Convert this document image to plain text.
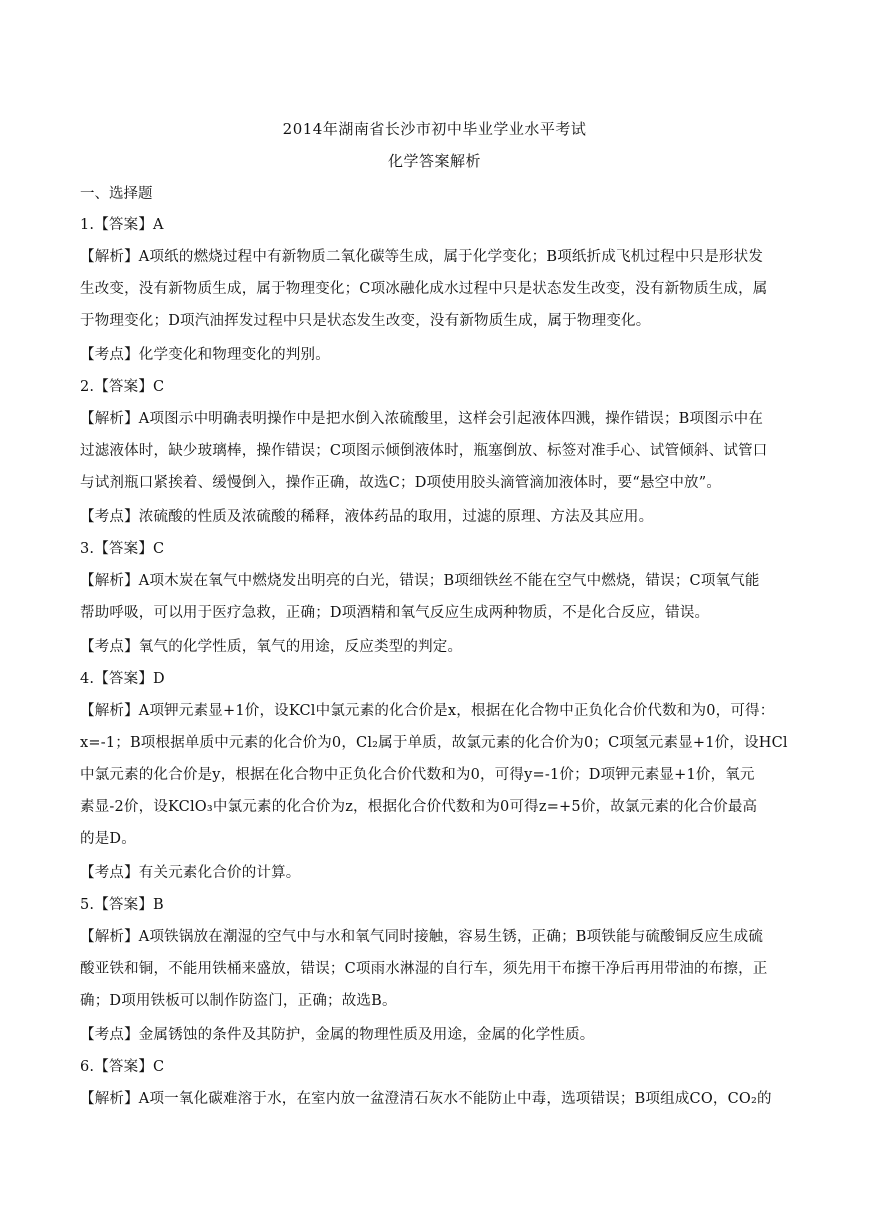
2014年湖南省长沙市初中毕业学业水平考试
化学答案解析
一、选择题
1.【答案】A
【解析】A项纸的燃烧过程中有新物质二氧化碳等生成，属于化学变化；B项纸折成飞机过程中只是形状发
生改变，没有新物质生成，属于物理变化；C项冰融化成水过程中只是状态发生改变，没有新物质生成，属
于物理变化；D项汽油挥发过程中只是状态发生改变，没有新物质生成，属于物理变化。
【考点】化学变化和物理变化的判别。
2.【答案】C
【解析】A项图示中明确表明操作中是把水倒入浓硫酸里，这样会引起液体四溅，操作错误；B项图示中在
过滤液体时，缺少玻璃棒，操作错误；C项图示倾倒液体时，瓶塞倒放、标签对准手心、试管倾斜、试管口
与试剂瓶口紧挨着、缓慢倒入，操作正确，故选C；D项使用胶头滴管滴加液体时，要“悬空中放”。
【考点】浓硫酸的性质及浓硫酸的稀释，液体药品的取用，过滤的原理、方法及其应用。
3.【答案】C
【解析】A项木炭在氧气中燃烧发出明亮的白光，错误；B项细铁丝不能在空气中燃烧，错误；C项氧气能
帮助呼吸，可以用于医疗急救，正确；D项酒精和氧气反应生成两种物质，不是化合反应，错误。
【考点】氧气的化学性质，氧气的用途，反应类型的判定。
4.【答案】D
【解析】A项钾元素显+1价，设KCl中氯元素的化合价是x，根据在化合物中正负化合价代数和为0，可得：
x=-1；B项根据单质中元素的化合价为0，Cl₂属于单质，故氯元素的化合价为0；C项氢元素显+1价，设HCl
中氯元素的化合价是y，根据在化合物中正负化合价代数和为0，可得y=-1价；D项钾元素显+1价，氧元
素显-2价，设KClO₃中氯元素的化合价为z，根据化合价代数和为0可得z=+5价，故氯元素的化合价最高
的是D。
【考点】有关元素化合价的计算。
5.【答案】B
【解析】A项铁锅放在潮湿的空气中与水和氧气同时接触，容易生锈，正确；B项铁能与硫酸铜反应生成硫
酸亚铁和铜，不能用铁桶来盛放，错误；C项雨水淋湿的自行车，须先用干布擦干净后再用带油的布擦，正
确；D项用铁板可以制作防盗门，正确；故选B。
【考点】金属锈蚀的条件及其防护，金属的物理性质及用途，金属的化学性质。
6.【答案】C
【解析】A项一氧化碳难溶于水，在室内放一盆澄清石灰水不能防止中毒，选项错误；B项组成CO，CO₂的
